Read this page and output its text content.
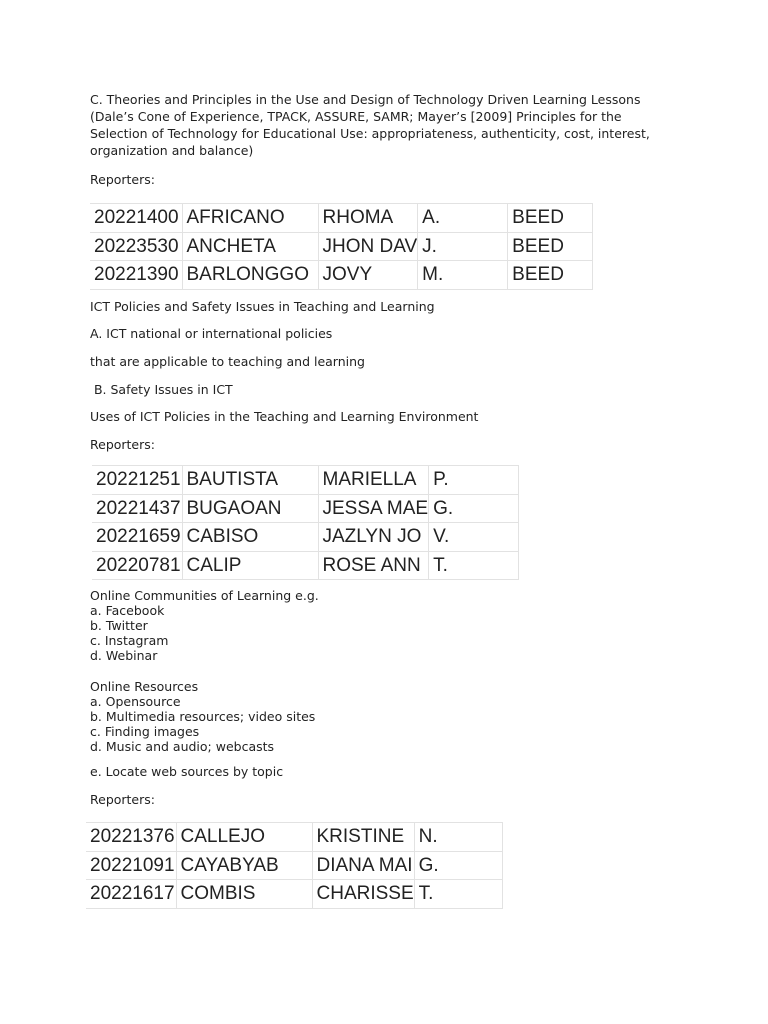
C. Theories and Principles in the Use and Design of Technology Driven Learning Lessons
(Dale’s Cone of Experience, TPACK, ASSURE, SAMR; Mayer’s [2009] Principles for the
Selection of Technology for Educational Use: appropriateness, authenticity, cost, interest,
organization and balance)
Reporters:
20221400	AFRICANO	RHOMA	A.	BEED
20223530	ANCHETA	JHON DAV	J.	BEED
20221390	BARLONGGO	JOVY	M.	BEED
ICT Policies and Safety Issues in Teaching and Learning
A. ICT national or international policies
that are applicable to teaching and learning
B. Safety Issues in ICT
Uses of ICT Policies in the Teaching and Learning Environment
Reporters:
20221251	BAUTISTA	MARIELLA	P.
20221437	BUGAOAN	JESSA MAE	G.
20221659	CABISO	JAZLYN JO	V.
20220781	CALIP	ROSE ANN	T.
Online Communities of Learning e.g.
a. Facebook
b. Twitter
c. Instagram
d. Webinar
Online Resources
a. Opensource
b. Multimedia resources; video sites
c. Finding images
d. Music and audio; webcasts
e. Locate web sources by topic
Reporters:
20221376	CALLEJO	KRISTINE	N.
20221091	CAYABYAB	DIANA MAI	G.
20221617	COMBIS	CHARISSE	T.
